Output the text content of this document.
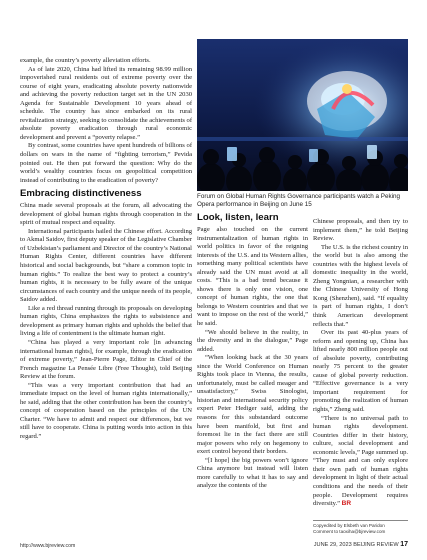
example, the country’s poverty alleviation efforts.

As of late 2020, China had lifted its remaining 98.99 million impoverished rural residents out of extreme poverty over the course of eight years, eradicating absolute poverty nationwide and achieving the poverty reduction target set in the UN 2030 Agenda for Sustainable Development 10 years ahead of schedule. The country has since embarked on its rural revitalization strategy, seeking to consolidate the achievements of absolute poverty eradication through rural economic development and prevent a “poverty relapse.”

By contrast, some countries have spent hundreds of billions of dollars on wars in the name of “fighting terrorism,” Pevida pointed out. He then put forward the question: Why do the world’s wealthy countries focus on geopolitical competition instead of contributing to the eradication of poverty?

Embracing distinctiveness

China made several proposals at the forum, all advocating the development of global human rights through cooperation in the spirit of mutual respect and equality.

International participants hailed the Chinese effort. According to Akmal Saidov, first deputy speaker of the Legislative Chamber of Uzbekistan’s parliament and Director of the country’s National Human Rights Center, different countries have different historical and social backgrounds, but “share a common topic in human rights.” To realize the best way to protect a country’s human rights, it is necessary to be fully aware of the unique circumstances of each country and the unique needs of its people, Saidov added.

Like a red thread running through its proposals on developing human rights, China emphasizes the rights to subsistence and development as primary human rights and upholds the belief that living a life of contentment is the ultimate human right.

“China has played a very important role [in advancing international human rights], for example, through the eradication of extreme poverty,” Jean-Pierre Page, Editor in Chief of the French magazine La Pensée Libre (Free Thought), told Beijing Review at the forum.

“This was a very important contribution that had an immediate impact on the level of human rights internationally,” he said, adding that the other contribution has been the country’s concept of cooperation based on the principles of the UN Charter. “We have to admit and respect our differences, but we still have to cooperate. China is putting words into action in this regard.”

Forum on Global Human Rights Governance participants watch a Peking Opera performance in Beijing on June 15
Look, listen, learn

Page also touched on the current instrumentalization of human rights in world politics in favor of the reigning interests of the U.S. and its Western allies, something many political scientists have already said the UN must avoid at all costs. “This is a bad trend because it shows there is only one vision, one concept of human rights, the one that belongs to Western countries and that we want to impose on the rest of the world,” he said.

“We should believe in the reality, in the diversity and in the dialogue,” Page added.

“When looking back at the 30 years since the World Conference on Human Rights took place in Vienna, the results, unfortunately, must be called meager and unsatisfactory,” Swiss Sinologist, historian and international security policy expert Peter Hediger said, adding the reasons for this substandard outcome have been manifold, but first and foremost lie in the fact there are still major powers who rely on hegemony to exert control beyond their borders.

“[I hope] the big powers won’t ignore China anymore but instead will listen more carefully to what it has to say and analyze the contents of the

Chinese proposals, and then try to implement them,” he told Beijing Review.

The U.S. is the richest country in the world but is also among the countries with the highest levels of domestic inequality in the world, Zheng Yongnian, a researcher with the Chinese University of Hong Kong (Shenzhen), said. “If equality is part of human rights, I don’t think American development reflects that.”

Over its past 40-plus years of reform and opening up, China has lifted nearly 800 million people out of absolute poverty, contributing nearly 75 percent to the greater cause of global poverty reduction. “Effective governance is a very important requirement for promoting the realization of human rights,” Zheng said.

“There is no universal path to human rights development. Countries differ in their history, culture, social development and economic levels,” Page summed up. “They must and can only explore their own path of human rights development in light of their actual conditions and the needs of their people. Development requires diversity.” BR

Copyedited by Elsbeth van Paridon
Comment to taoxiha@bjreview.com
http://www.bjreview.com	JUNE 29, 2023 BEIJING REVIEW 17
